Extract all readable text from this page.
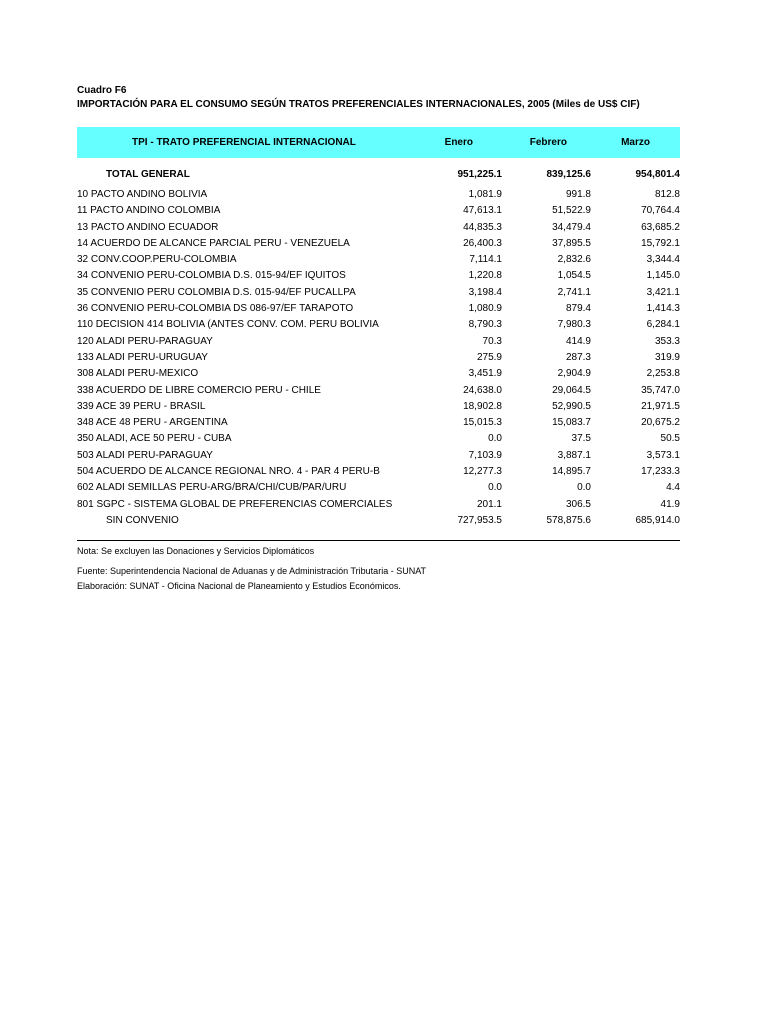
Cuadro F6
IMPORTACIÓN PARA EL CONSUMO SEGÚN TRATOS PREFERENCIALES INTERNACIONALES, 2005 (Miles de US$ CIF)
TPI - TRATO PREFERENCIAL INTERNACIONAL	Enero	Febrero	Marzo
TOTAL GENERAL	951,225.1	839,125.6	954,801.4
10 PACTO ANDINO BOLIVIA	1,081.9	991.8	812.8
11 PACTO ANDINO COLOMBIA	47,613.1	51,522.9	70,764.4
13 PACTO ANDINO ECUADOR	44,835.3	34,479.4	63,685.2
14 ACUERDO DE ALCANCE PARCIAL PERU - VENEZUELA	26,400.3	37,895.5	15,792.1
32 CONV.COOP.PERU-COLOMBIA	7,114.1	2,832.6	3,344.4
34 CONVENIO PERU-COLOMBIA D.S. 015-94/EF IQUITOS	1,220.8	1,054.5	1,145.0
35 CONVENIO PERU COLOMBIA D.S. 015-94/EF PUCALLPA	3,198.4	2,741.1	3,421.1
36 CONVENIO PERU-COLOMBIA DS 086-97/EF TARAPOTO	1,080.9	879.4	1,414.3
110 DECISION 414 BOLIVIA (ANTES CONV. COM. PERU BOLIVIA	8,790.3	7,980.3	6,284.1
120 ALADI PERU-PARAGUAY	70.3	414.9	353.3
133 ALADI PERU-URUGUAY	275.9	287.3	319.9
308 ALADI PERU-MEXICO	3,451.9	2,904.9	2,253.8
338 ACUERDO DE LIBRE COMERCIO PERU - CHILE	24,638.0	29,064.5	35,747.0
339 ACE 39 PERU - BRASIL	18,902.8	52,990.5	21,971.5
348 ACE 48 PERU - ARGENTINA	15,015.3	15,083.7	20,675.2
350 ALADI, ACE 50 PERU - CUBA	0.0	37.5	50.5
503 ALADI PERU-PARAGUAY	7,103.9	3,887.1	3,573.1
504 ACUERDO DE ALCANCE REGIONAL NRO. 4 - PAR 4 PERU-B	12,277.3	14,895.7	17,233.3
602 ALADI SEMILLAS PERU-ARG/BRA/CHI/CUB/PAR/URU	0.0	0.0	4.4
801 SGPC - SISTEMA GLOBAL DE PREFERENCIAS COMERCIALES	201.1	306.5	41.9
SIN CONVENIO	727,953.5	578,875.6	685,914.0
Nota: Se excluyen las Donaciones y Servicios Diplomáticos
Fuente: Superintendencia Nacional de Aduanas y de Administración Tributaria - SUNAT
Elaboración: SUNAT - Oficina Nacional de Planeamiento y Estudios Económicos.
